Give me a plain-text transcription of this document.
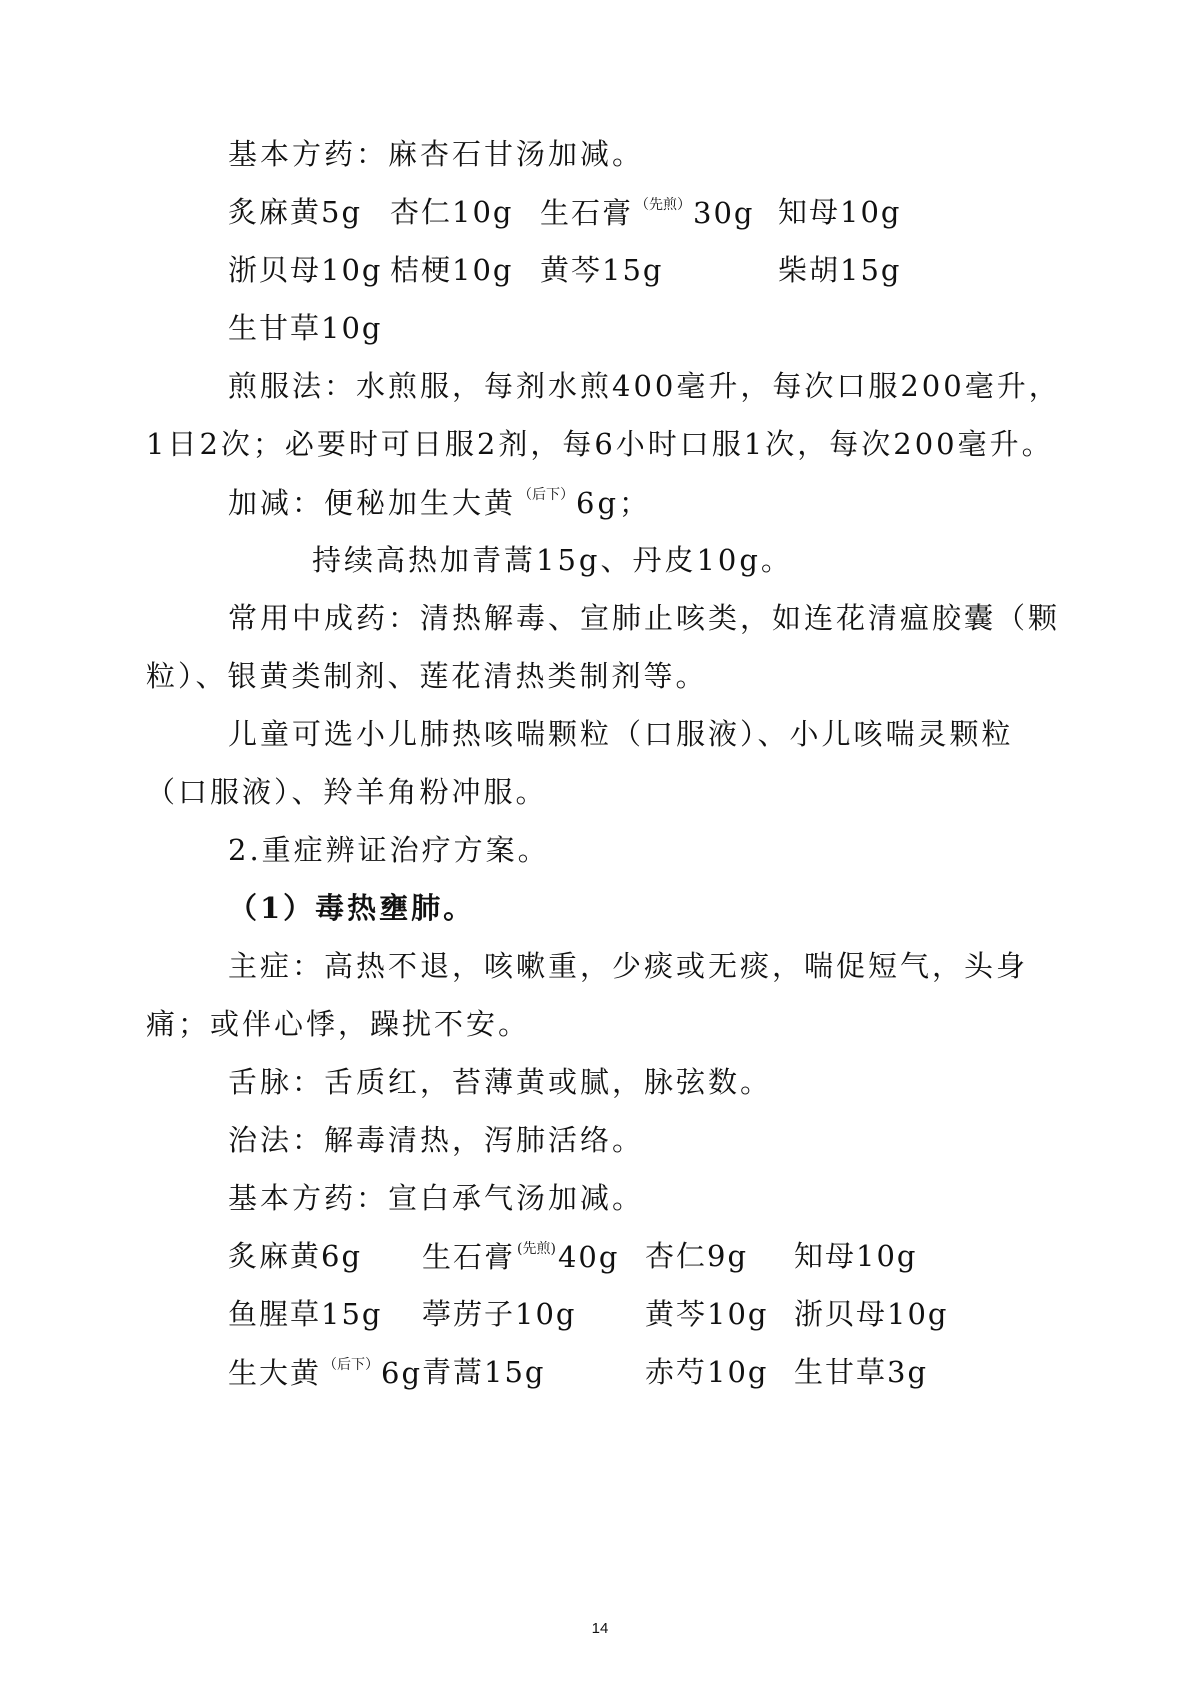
基本方药：麻杏石甘汤加减。
炙麻黄5g 杏仁10g 生石膏 $^{(先煎)}$30g 知母10g
浙贝母10g 桔梗10g 黄芩15g	柴胡15g
生甘草10g
煎服法：水煎服，每剂水煎400毫升，每次口服200毫升，
1日2次；必要时可日服2剂，每6小时口服1次，每次200毫升。
加减：便秘加生大黄 $^{(后下)}$6g；
持续高热加青蒿15g、丹皮10g。
常用中成药：清热解毒、宣肺止咳类，如连花清瘟胶囊（颗
粒）、银黄类制剂、莲花清热类制剂等。
儿童可选小儿肺热咳喘颗粒（口服液）、小儿咳喘灵颗粒
（口服液）、羚羊角粉冲服。
2.重症辨证治疗方案。
（1）毒热壅肺。
主症：高热不退，咳嗽重，少痰或无痰，喘促短气，头身
痛；或伴心悸，躁扰不安。
舌脉：舌质红，苔薄黄或腻，脉弦数。
治法：解毒清热，泻肺活络。
基本方药：宣白承气汤加减。
炙麻黄6g 生石膏 $^{(先煎)}$40g 杏仁9g 知母10g
鱼腥草15g 葶苈子10g 黄芩10g 浙贝母10g
生大黄 $^{(后下)}$6g 青蒿15g	赤芍10g 生甘草3g
14
